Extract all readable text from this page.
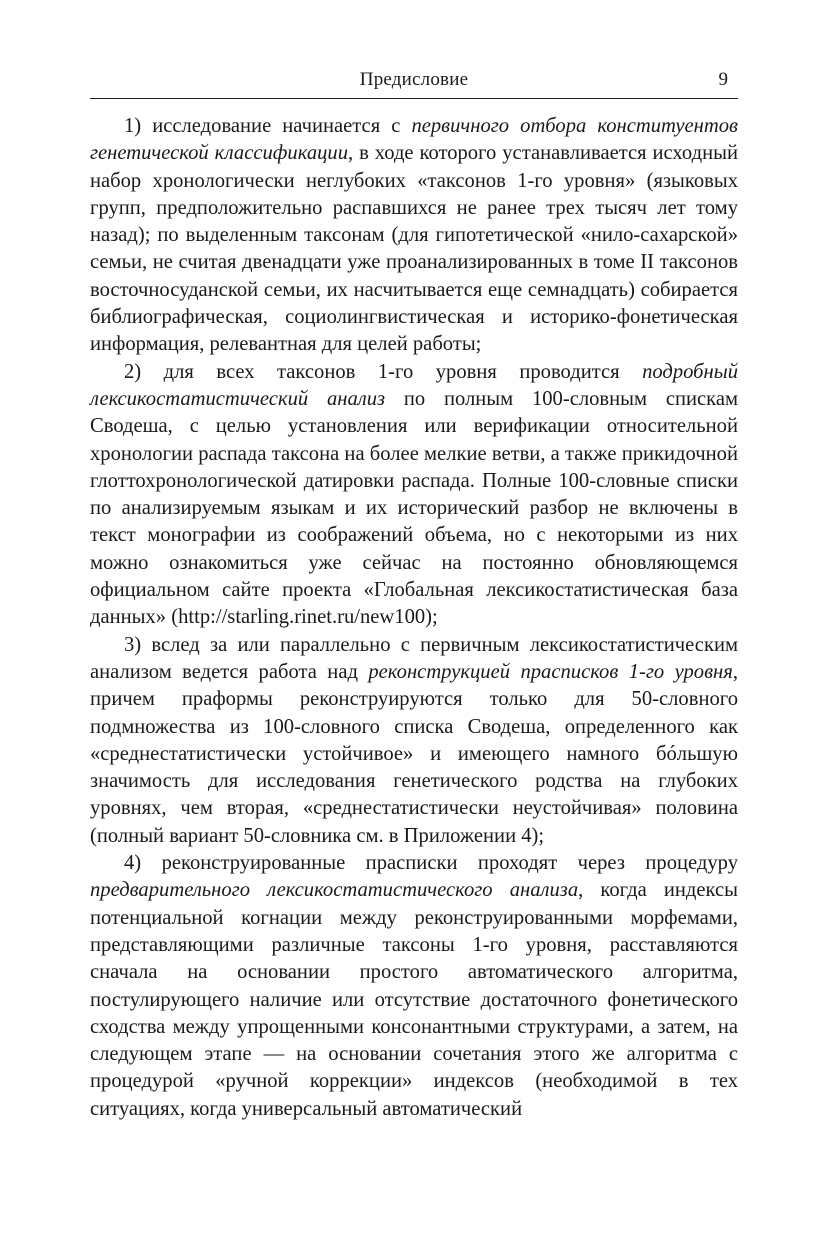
Предисловие	9

1) исследование начинается с первичного отбора конституентов генетической классификации, в ходе которого устанавливается исходный набор хронологически неглубоких «таксонов 1-го уровня» (языковых групп, предположительно распавшихся не ранее трех тысяч лет тому назад); по выделенным таксонам (для гипотетической «нило-сахарской» семьи, не считая двенадцати уже проанализированных в томе II таксонов восточносуданской семьи, их насчитывается еще семнадцать) собирается библиографическая, социолингвистическая и историко-фонетическая информация, релевантная для целей работы;

2) для всех таксонов 1-го уровня проводится подробный лексикостатистический анализ по полным 100-словным спискам Сводеша, с целью установления или верификации относительной хронологии распада таксона на более мелкие ветви, а также прикидочной глоттохронологической датировки распада. Полные 100-словные списки по анализируемым языкам и их исторический разбор не включены в текст монографии из соображений объема, но с некоторыми из них можно ознакомиться уже сейчас на постоянно обновляющемся официальном сайте проекта «Глобальная лексикостатистическая база данных» (http://starling.rinet.ru/new100);

3) вслед за или параллельно с первичным лексикостатистическим анализом ведется работа над реконструкцией прасписков 1-го уровня, причем праформы реконструируются только для 50-словного подмножества из 100-словного списка Сводеша, определенного как «среднестатистически устойчивое» и имеющего намного бóльшую значимость для исследования генетического родства на глубоких уровнях, чем вторая, «среднестатистически неустойчивая» половина (полный вариант 50-словника см. в Приложении 4);

4) реконструированные прасписки проходят через процедуру предварительного лексикостатистического анализа, когда индексы потенциальной когнации между реконструированными морфемами, представляющими различные таксоны 1-го уровня, расставляются сначала на основании простого автоматического алгоритма, постулирующего наличие или отсутствие достаточного фонетического сходства между упрощенными консонантными структурами, а затем, на следующем этапе — на основании сочетания этого же алгоритма с процедурой «ручной коррекции» индексов (необходимой в тех ситуациях, когда универсальный автоматический
